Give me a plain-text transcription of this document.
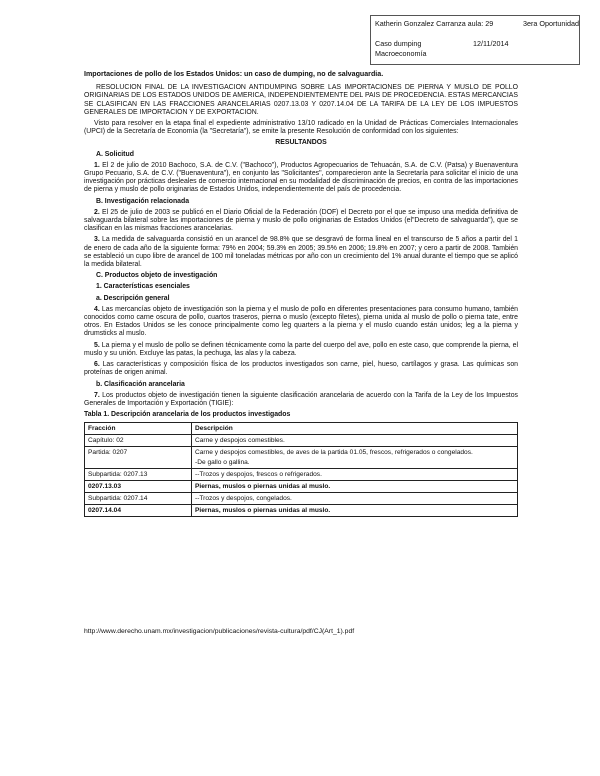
Katherin Gonzalez Carranza aula: 29	3era Oportunidad
Caso dumping	12/11/2014
Macroeconomía

Importaciones de pollo de los Estados Unidos: un caso de dumping, no de salvaguardia.

RESOLUCION FINAL DE LA INVESTIGACION ANTIDUMPING SOBRE LAS IMPORTACIONES DE PIERNA Y MUSLO DE POLLO ORIGINARIAS DE LOS ESTADOS UNIDOS DE AMERICA, INDEPENDIENTEMENTE DEL PAIS DE PROCEDENCIA. ESTAS MERCANCIAS SE CLASIFICAN EN LAS FRACCIONES ARANCELARIAS 0207.13.03 Y 0207.14.04 DE LA TARIFA DE LA LEY DE LOS IMPUESTOS GENERALES DE IMPORTACION Y DE EXPORTACION.

Visto para resolver en la etapa final el expediente administrativo 13/10 radicado en la Unidad de Prácticas Comerciales Internacionales (UPCI) de la Secretaría de Economía (la "Secretaría"), se emite la presente Resolución de conformidad con los siguientes:

RESULTANDOS

A. Solicitud

1. El 2 de julio de 2010 Bachoco, S.A. de C.V. ("Bachoco"), Productos Agropecuarios de Tehuacán, S.A. de C.V. (Patsa) y Buenaventura Grupo Pecuario, S.A. de C.V. ("Buenaventura"), en conjunto las "Solicitantes", comparecieron ante la Secretaría para solicitar el inicio de una investigación por prácticas desleales de comercio internacional en su modalidad de discriminación de precios, en contra de las importaciones de pierna y muslo de pollo originarias de Estados Unidos, independientemente del país de procedencia.

B. Investigación relacionada

2. El 25 de julio de 2003 se publicó en el Diario Oficial de la Federación (DOF) el Decreto por el que se impuso una medida definitiva de salvaguarda bilateral sobre las importaciones de pierna y muslo de pollo originarias de Estados Unidos (el"Decreto de salvaguarda"), que se clasifican en las mismas fracciones arancelarias.

3. La medida de salvaguarda consistió en un arancel de 98.8% que se desgravó de forma lineal en el transcurso de 5 años a partir del 1 de enero de cada año de la siguiente forma: 79% en 2004; 59.3% en 2005; 39.5% en 2006; 19.8% en 2007; y cero a partir de 2008. También se estableció un cupo libre de arancel de 100 mil toneladas métricas por año con un crecimiento del 1% anual durante el tiempo que se aplicó la medida bilateral.

C. Productos objeto de investigación

1. Características esenciales

a. Descripción general

4. Las mercancías objeto de investigación son la pierna y el muslo de pollo en diferentes presentaciones para consumo humano, también conocidos como carne oscura de pollo, cuartos traseros, pierna o muslo (excepto filetes), pierna unida al muslo de pollo o pierna tate, entre otros. En Estados Unidos se les conoce principalmente como leg quarters a la pierna y el muslo cuando están unidos; leg a la pierna y drumsticks al muslo.

5. La pierna y el muslo de pollo se definen técnicamente como la parte del cuerpo del ave, pollo en este caso, que comprende la pierna, el muslo y su unión. Excluye las patas, la pechuga, las alas y la cabeza.

6. Las características y composición física de los productos investigados son carne, piel, hueso, cartílagos y grasa. Las químicas son proteínas de origen animal.

b. Clasificación arancelaria

7. Los productos objeto de investigación tienen la siguiente clasificación arancelaria de acuerdo con la Tarifa de la Ley de los Impuestos Generales de Importación y Exportación (TIGIE):

Tabla 1. Descripción arancelaria de los productos investigados

Fracción	Descripción
Capítulo: 02	Carne y despojos comestibles.
Partida: 0207	Carne y despojos comestibles, de aves de la partida 01.05, frescos, refrigerados o congelados.
-De gallo o gallina.

Subpartida: 0207.13	--Trozos y despojos, frescos o refrigerados.
0207.13.03	Piernas, muslos o piernas unidas al muslo.
Subpartida: 0207.14	--Trozos y despojos, congelados.
0207.14.04	Piernas, muslos o piernas unidas al muslo.
http://www.derecho.unam.mx/investigacion/publicaciones/revista-cultura/pdf/CJ(Art_1).pdf
